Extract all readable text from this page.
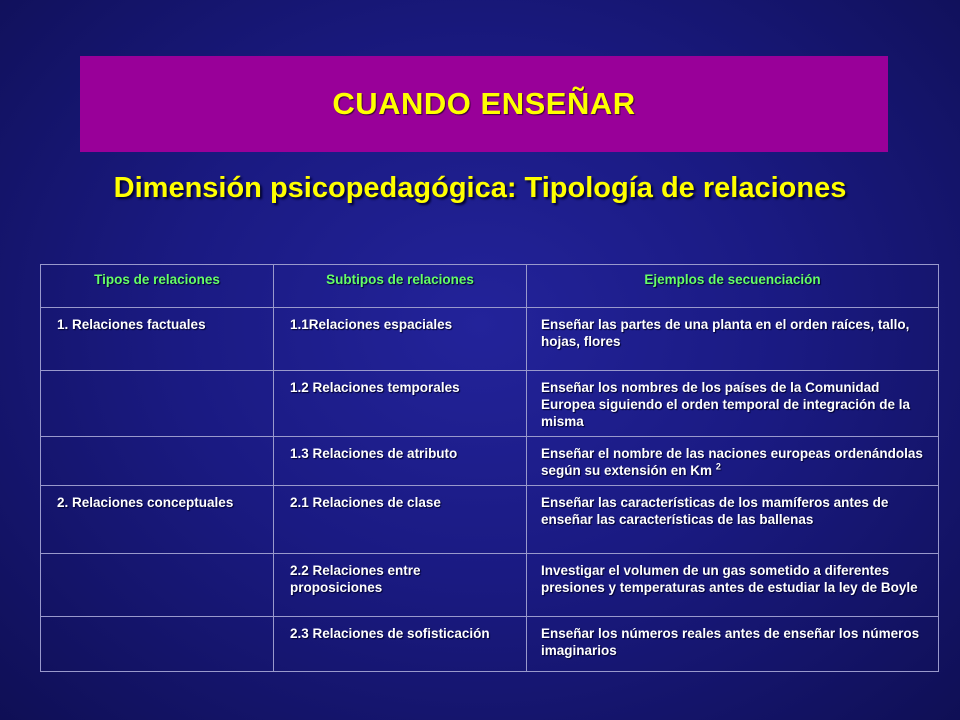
CUANDO ENSEÑAR
Dimensión psicopedagógica: Tipología de relaciones
Tipos de relaciones	Subtipos de relaciones	Ejemplos de secuenciación

1. Relaciones factuales	1.1Relaciones espaciales	Enseñar las partes de una planta en el orden raíces, tallo, hojas, flores

	1.2 Relaciones temporales	Enseñar los nombres de los países de la Comunidad Europea siguiendo el orden temporal de integración de la misma

	1.3 Relaciones de atributo	Enseñar el nombre de las naciones europeas ordenándolas según su extensión en Km $^2$

2. Relaciones conceptuales	2.1 Relaciones de clase	Enseñar las características de los mamíferos antes de enseñar las características de las ballenas

	2.2 Relaciones entre proposiciones	Investigar el volumen de un gas sometido a diferentes presiones y temperaturas antes de estudiar la ley de Boyle

	2.3 Relaciones de sofisticación	Enseñar los números reales antes de enseñar los números imaginarios
